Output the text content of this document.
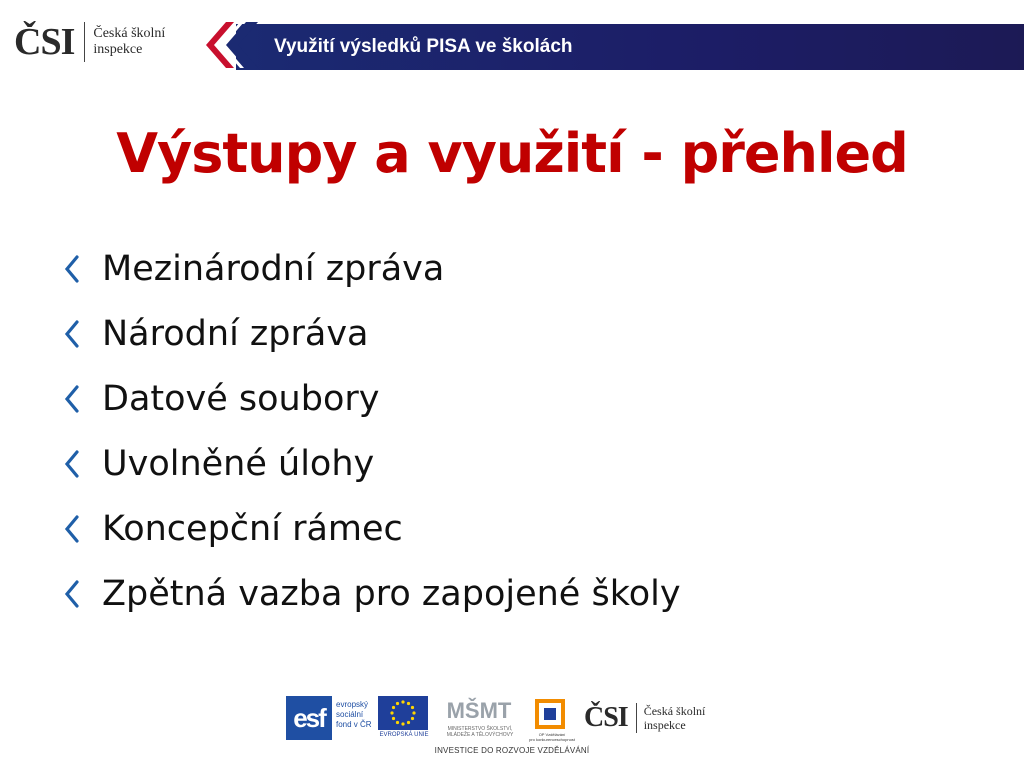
ČSI Česká školní
inspekce	Využití výsledků PISA ve školách
Výstupy a využití - přehled
Mezinárodní zpráva
Národní zpráva
Datové soubory
Uvolněné úlohy
Koncepční rámec
Zpětná vazba pro zapojené školy
esf	evropský
sociální
fond v ČR
EVROPSKÁ UNIE
MŠMT
MINISTERSTVO ŠKOLSTVÍ,
MLÁDEŽE A TĚLOVÝCHOVY	OP Vzdělávání
pro konkurenceschopnost
ČSI Česká školní
inspekce
INVESTICE DO ROZVOJE VZDĚLÁVÁNÍ
